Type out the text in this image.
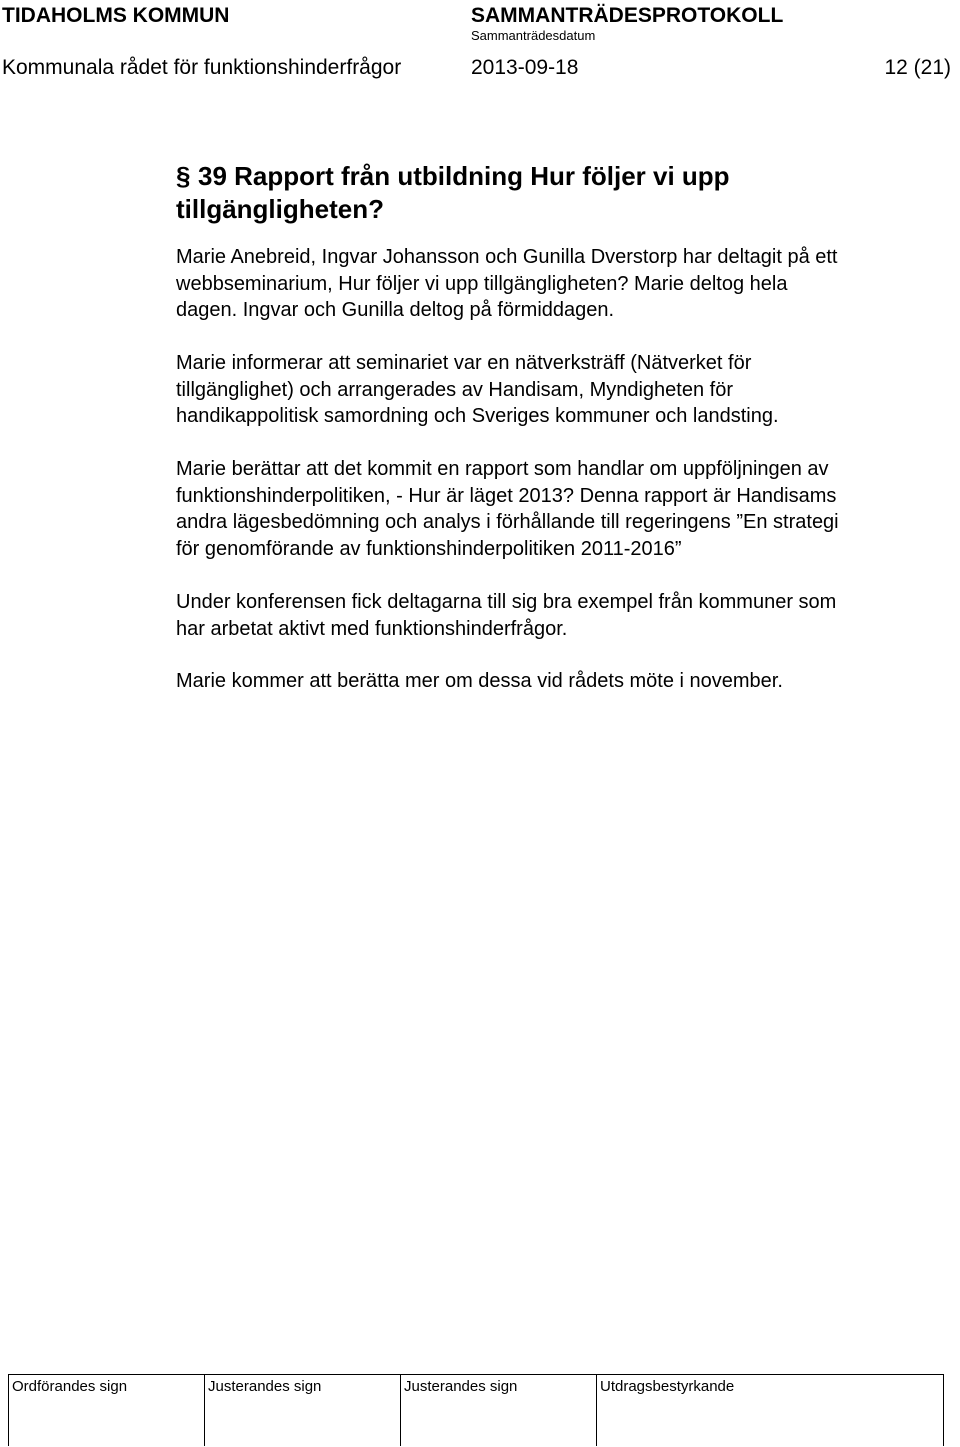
TIDAHOLMS KOMMUN	SAMMANTRÄDESPROTOKOLL
Sammanträdesdatum
Kommunala rådet för funktionshinderfrågor	2013-09-18	12 (21)
§ 39 Rapport från utbildning Hur följer vi upp
tillgängligheten?
Marie Anebreid, Ingvar Johansson och Gunilla Dverstorp har deltagit på ett
webbseminarium, Hur följer vi upp tillgängligheten? Marie deltog hela
dagen. Ingvar och Gunilla deltog på förmiddagen.
Marie informerar att seminariet var en nätverksträff (Nätverket för
tillgänglighet) och arrangerades av Handisam, Myndigheten för
handikappolitisk samordning och Sveriges kommuner och landsting.
Marie berättar att det kommit en rapport som handlar om uppföljningen av
funktionshinderpolitiken, - Hur är läget 2013? Denna rapport är Handisams
andra lägesbedömning och analys i förhållande till regeringens ”En strategi
för genomförande av funktionshinderpolitiken 2011-2016”
Under konferensen fick deltagarna till sig bra exempel från kommuner som
har arbetat aktivt med funktionshinderfrågor.
Marie kommer att berätta mer om dessa vid rådets möte i november.
Ordförandes sign	Justerandes sign	Justerandes sign	Utdragsbestyrkande
